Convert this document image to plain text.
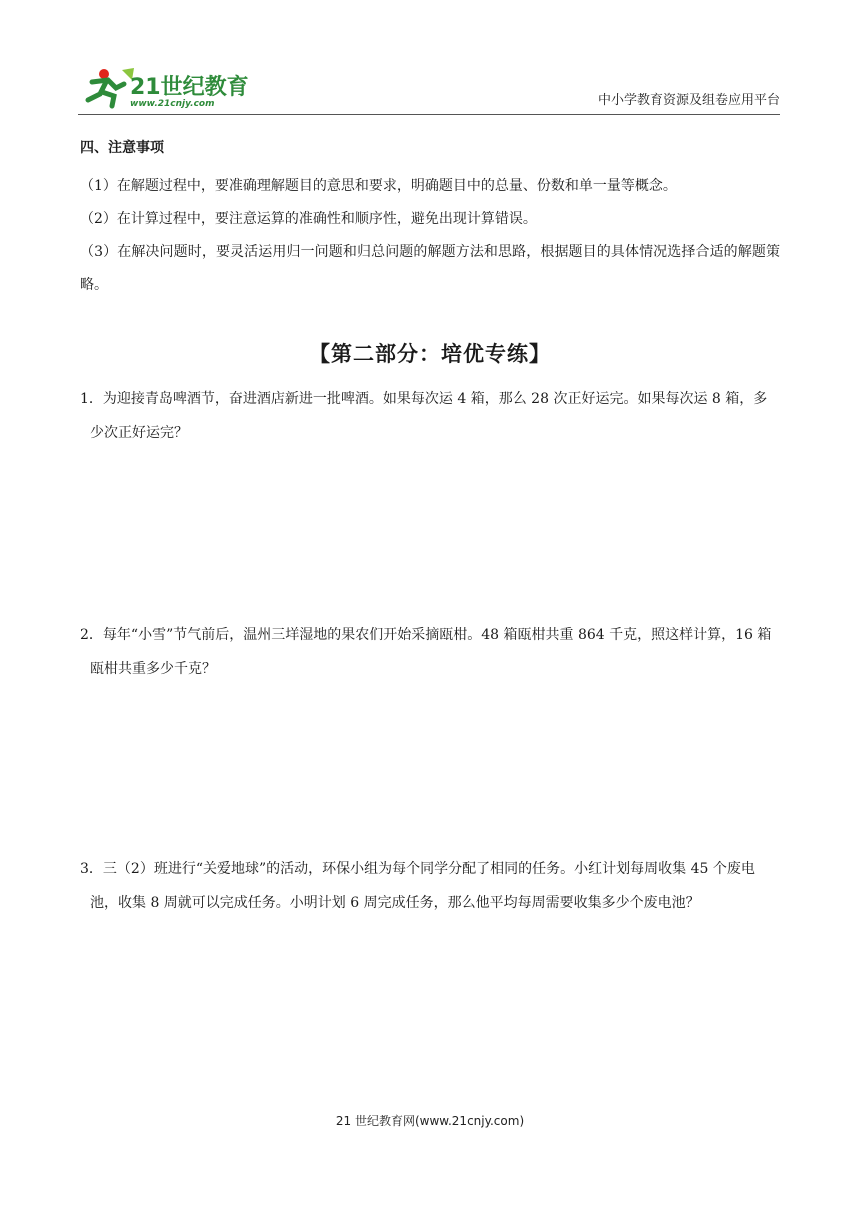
21世纪教育
www.21cnjy.com	中小学教育资源及组卷应用平台
四、注意事项

（1）在解题过程中，要准确理解题目的意思和要求，明确题目中的总量、份数和单一量等概念。

（2）在计算过程中，要注意运算的准确性和顺序性，避免出现计算错误。

（3）在解决问题时，要灵活运用归一问题和归总问题的解题方法和思路，根据题目的具体情况选择合适的解题策略。

【第二部分：培优专练】
1．为迎接青岛啤酒节，奋进酒店新进一批啤酒。如果每次运 4 箱，那么 28 次正好运完。如果每次运 8 箱，多少次正好运完？
2．每年“小雪”节气前后，温州三垟湿地的果农们开始采摘瓯柑。48 箱瓯柑共重 864 千克，照这样计算，16 箱瓯柑共重多少千克？
3．三（2）班进行“关爱地球”的活动，环保小组为每个同学分配了相同的任务。小红计划每周收集 45 个废电池，收集 8 周就可以完成任务。小明计划 6 周完成任务，那么他平均每周需要收集多少个废电池？
21 世纪教育网(www.21cnjy.com)
